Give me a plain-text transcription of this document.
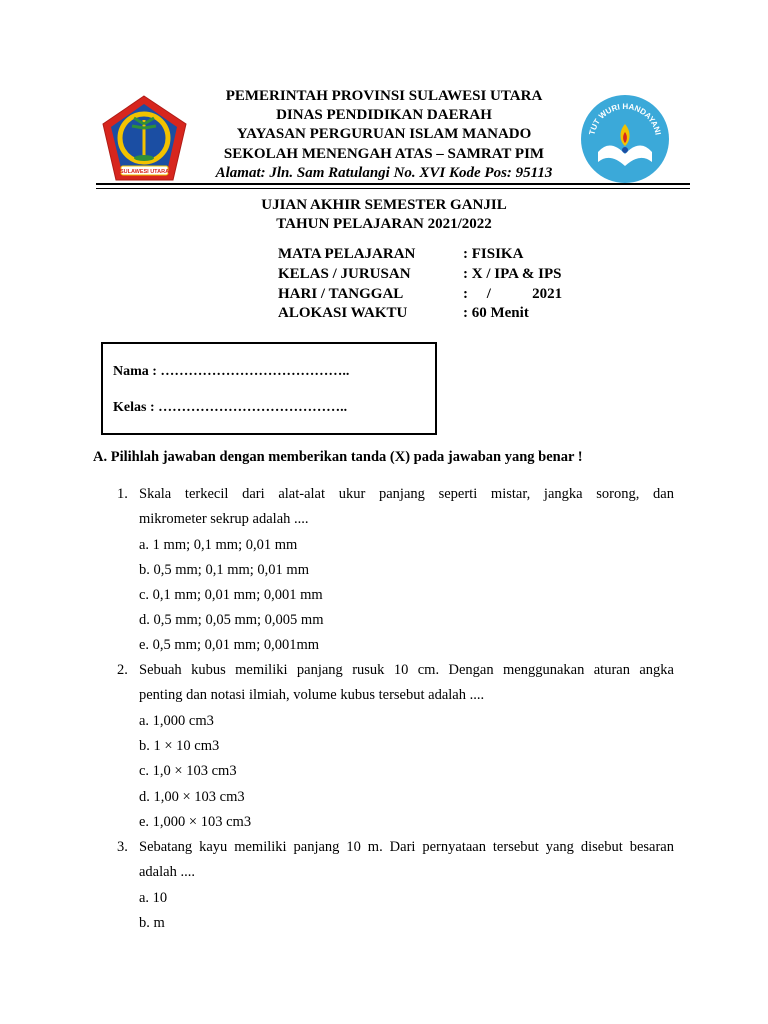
SULAWESI UTARA
TUT WURI HANDAYANI
PEMERINTAH PROVINSI SULAWESI UTARA
DINAS PENDIDIKAN DAERAH
YAYASAN PERGURUAN ISLAM MANADO
SEKOLAH MENENGAH ATAS – SAMRAT PIM
Alamat: Jln. Sam Ratulangi No. XVI Kode Pos: 95113
UJIAN AKHIR SEMESTER GANJIL
TAHUN PELAJARAN 2021/2022
MATA PELAJARAN	: FISIKA
KELAS / JURUSAN	: X / IPA & IPS
HARI / TANGGAL	:     /           2021
ALOKASI WAKTU	: 60 Menit
Nama : …………………………………..
Kelas : …………………………………..
A. Pilihlah jawaban dengan memberikan tanda (X) pada jawaban yang benar !
1. Skala terkecil dari alat-alat ukur panjang seperti mistar, jangka sorong, dan
mikrometer sekrup adalah ....
a. 1 mm; 0,1 mm; 0,01 mm
b. 0,5 mm; 0,1 mm; 0,01 mm
c. 0,1 mm; 0,01 mm; 0,001 mm
d. 0,5 mm; 0,05 mm; 0,005 mm
e. 0,5 mm; 0,01 mm; 0,001mm
2. Sebuah kubus memiliki panjang rusuk 10 cm. Dengan menggunakan aturan angka
penting dan notasi ilmiah, volume kubus tersebut adalah ....
a. 1,000 cm3
b. 1 × 10 cm3
c. 1,0 × 103 cm3
d. 1,00 × 103 cm3
e. 1,000 × 103 cm3
3. Sebatang kayu memiliki panjang 10 m. Dari pernyataan tersebut yang disebut besaran
adalah ....
a. 10
b. m
